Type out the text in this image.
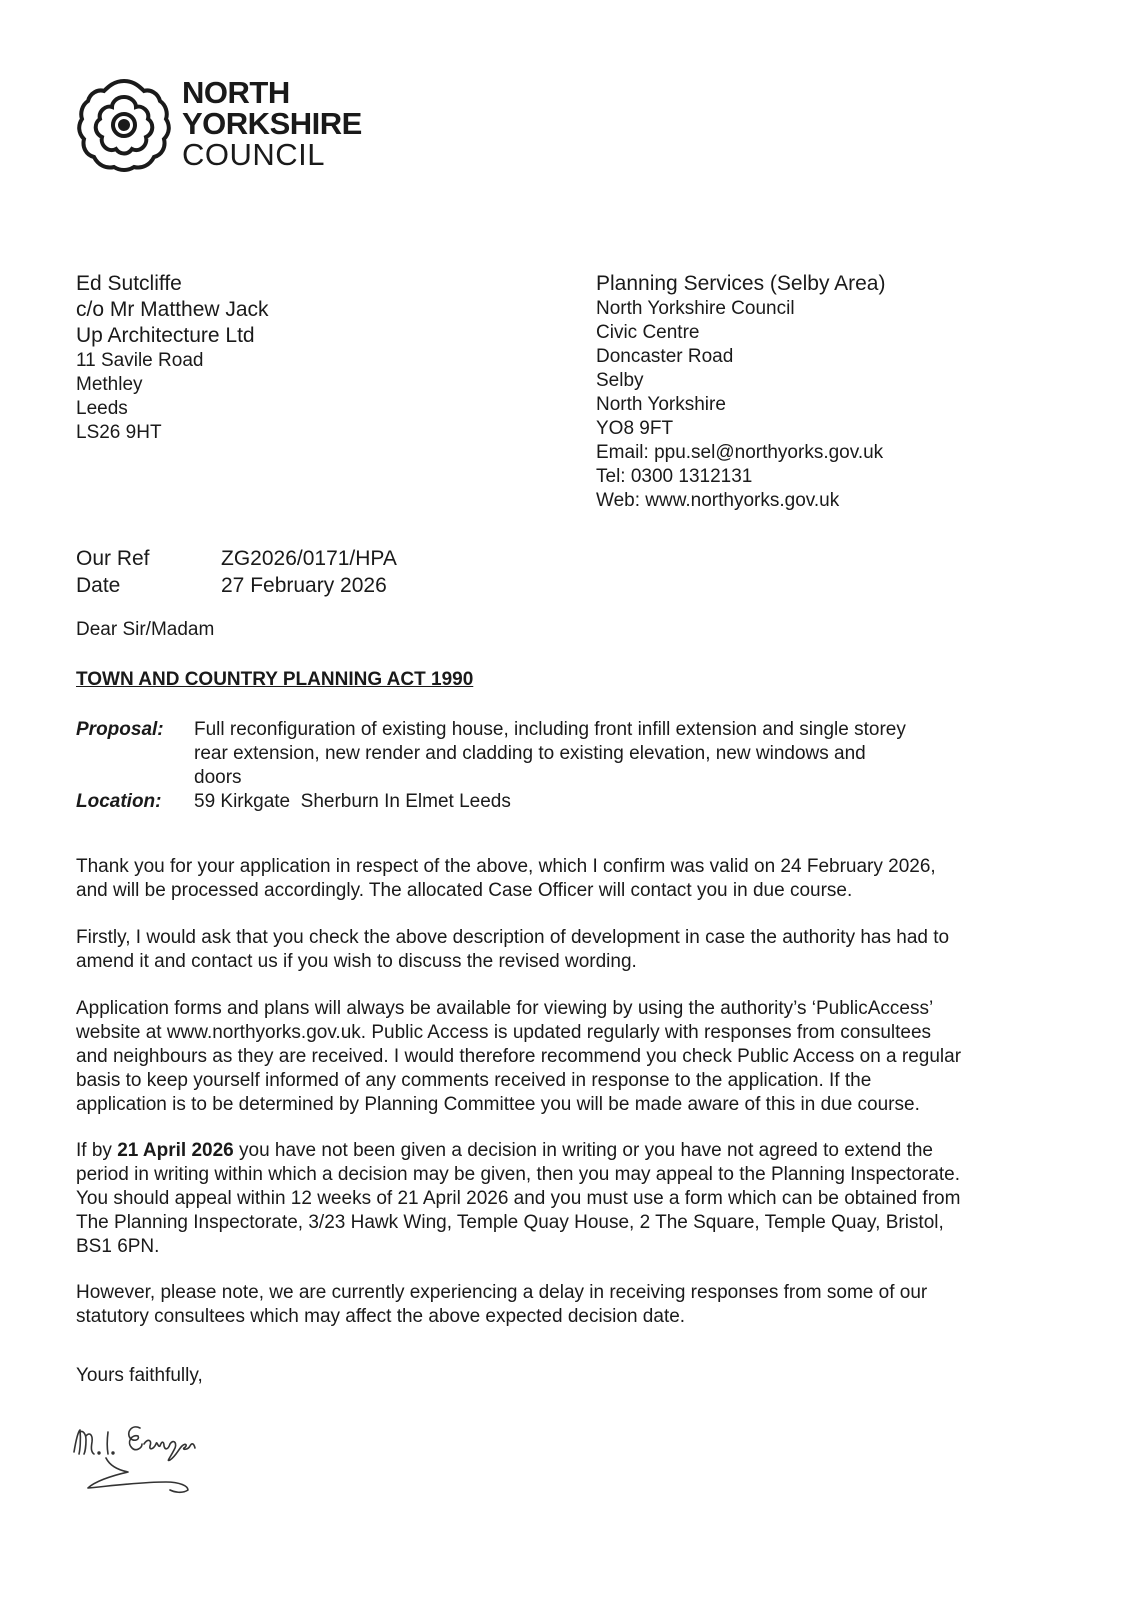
NORTH
YORKSHIRE
COUNCIL
Ed Sutcliffe
c/o Mr Matthew Jack
Up Architecture Ltd
11 Savile Road
Methley
Leeds
LS26 9HT
Planning Services (Selby Area)
North Yorkshire Council
Civic Centre
Doncaster Road
Selby
North Yorkshire
YO8 9FT
Email: ppu.sel@northyorks.gov.uk
Tel: 0300 1312131
Web: www.northyorks.gov.uk
Our Ref	ZG2026/0171/HPA
Date	27 February 2026
Dear Sir/Madam
TOWN AND COUNTRY PLANNING ACT 1990
Proposal:	Full reconfiguration of existing house, including front infill extension and single storey
rear extension, new render and cladding to existing elevation, new windows and
doors
Location:	59 Kirkgate  Sherburn In Elmet Leeds

Thank you for your application in respect of the above, which I confirm was valid on 24 February 2026,
and will be processed accordingly. The allocated Case Officer will contact you in due course.

Firstly, I would ask that you check the above description of development in case the authority has had to
amend it and contact us if you wish to discuss the revised wording.

Application forms and plans will always be available for viewing by using the authority’s ‘PublicAccess’
website at www.northyorks.gov.uk. Public Access is updated regularly with responses from consultees
and neighbours as they are received. I would therefore recommend you check Public Access on a regular
basis to keep yourself informed of any comments received in response to the application. If the
application is to be determined by Planning Committee you will be made aware of this in due course.

If by 21 April 2026 you have not been given a decision in writing or you have not agreed to extend the
period in writing within which a decision may be given, then you may appeal to the Planning Inspectorate.
You should appeal within 12 weeks of 21 April 2026 and you must use a form which can be obtained from
The Planning Inspectorate, 3/23 Hawk Wing, Temple Quay House, 2 The Square, Temple Quay, Bristol,
BS1 6PN.

However, please note, we are currently experiencing a delay in receiving responses from some of our
statutory consultees which may affect the above expected decision date.

Yours faithfully,
